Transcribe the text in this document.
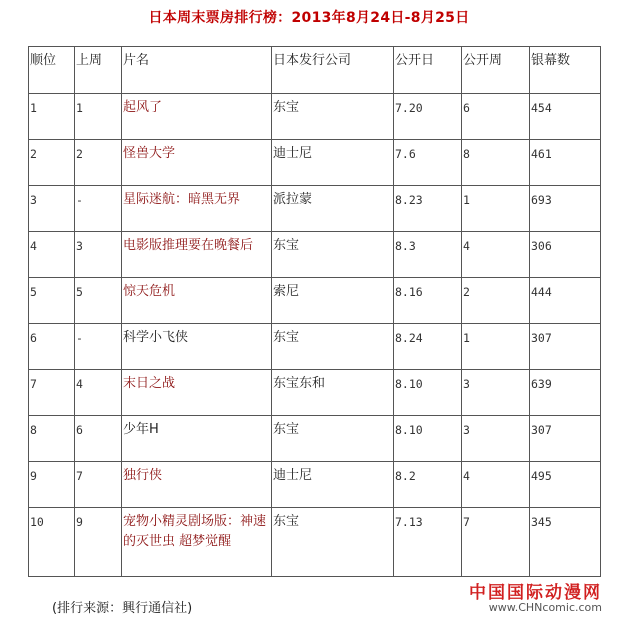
日本周末票房排行榜：2013年8月24日-8月25日
顺位	上周	片名	日本发行公司	公开日	公开周	银幕数
1	1	起风了	东宝	7.20	6	454
2	2	怪兽大学	迪士尼	7.6	8	461
3	-	星际迷航：暗黑无界	派拉蒙	8.23	1	693
4	3	电影版推理要在晚餐后	东宝	8.3	4	306
5	5	惊天危机	索尼	8.16	2	444
6	-	科学小飞侠	东宝	8.24	1	307
7	4	末日之战	东宝东和	8.10	3	639
8	6	少年H	东宝	8.10	3	307
9	7	独行侠	迪士尼	8.2	4	495
10	9	宠物小精灵剧场版：神速的灭世虫 超梦觉醒	东宝	7.13	7	345
(排行来源：興行通信社)
中国国际动漫网
www.CHNcomic.com
